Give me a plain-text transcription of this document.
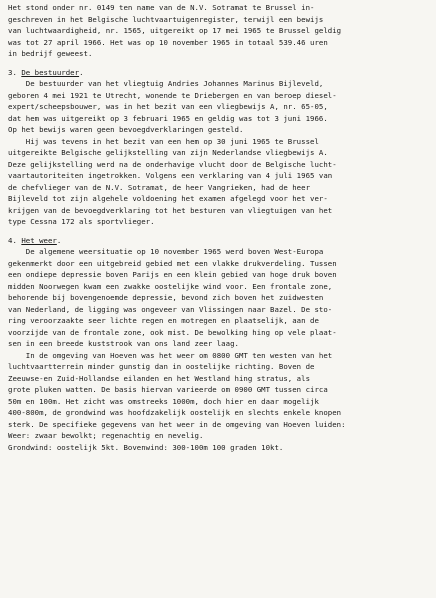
Het stond onder nr. 0149 ten name van de N.V. Sotramat te Brussel in-
geschreven in het Belgische luchtvaartuigenregister, terwijl een bewijs
van luchtwaardigheid, nr. 1565, uitgereikt op 17 mei 1965 te Brussel geldig
was tot 27 april 1966. Het was op 10 november 1965 in totaal 539.46 uren
in bedrijf geweest.
3. De bestuurder.
De bestuurder van het vliegtuig Andries Johannes Marinus Bijleveld,
geboren 4 mei 1921 te Utrecht, wonende te Driebergen en van beroep diesel-
expert/scheepsbouwer, was in het bezit van een vliegbewijs A, nr. 65-05,
dat hem was uitgereikt op 3 februari 1965 en geldig was tot 3 juni 1966.
Op het bewijs waren geen bevoegdverklaringen gesteld.
Hij was tevens in het bezit van een hem op 30 juni 1965 te Brussel
uitgereikte Belgische gelijkstelling van zijn Nederlandse vliegbewijs A.
Deze gelijkstelling werd na de onderhavige vlucht door de Belgische lucht-
vaartautoriteiten ingetrokken. Volgens een verklaring van 4 juli 1965 van
de chefvlieger van de N.V. Sotramat, de heer Vangrieken, had de heer
Bijleveld tot zijn algehele voldoening het examen afgelegd voor het ver-
krijgen van de bevoegdverklaring tot het besturen van vliegtuigen van het
type Cessna 172 als sportvlieger.
4. Het weer.
De algemene weersituatie op 10 november 1965 werd boven West-Europa
gekenmerkt door een uitgebreid gebied met een vlakke drukverdeling. Tussen
een ondiepe depressie boven Parijs en een klein gebied van hoge druk boven
midden Noorwegen kwam een zwakke oostelijke wind voor. Een frontale zone,
behorende bij bovengenoemde depressie, bevond zich boven het zuidwesten
van Nederland, de ligging was ongeveer van Vlissingen naar Bazel. De sto-
ring veroorzaakte seer lichte regen en motregen en plaatselijk, aan de
voorzijde van de frontale zone, ook mist. De bewolking hing op vele plaat-
sen in een breede kuststrook van ons land zeer laag.
In de omgeving van Hoeven was het weer om 0800 GMT ten westen van het
luchtvaartterrein minder gunstig dan in oostelijke richting. Boven de
Zeeuwse-en Zuid-Hollandse eilanden en het Westland hing stratus, als
grote pluken watten. De basis hiervan varieerde om 0900 GMT tussen circa
50m en 100m. Het zicht was omstreeks 1000m, doch hier en daar mogelijk
400-800m, de grondwind was hoofdzakelijk oostelijk en slechts enkele knopen
sterk. De specifieke gegevens van het weer in de omgeving van Hoeven luiden:
Weer: zwaar bewolkt; regenachtig en nevelig.
Grondwind: oostelijk 5kt. Bovenwind: 300-100m 100 graden 10kt.
